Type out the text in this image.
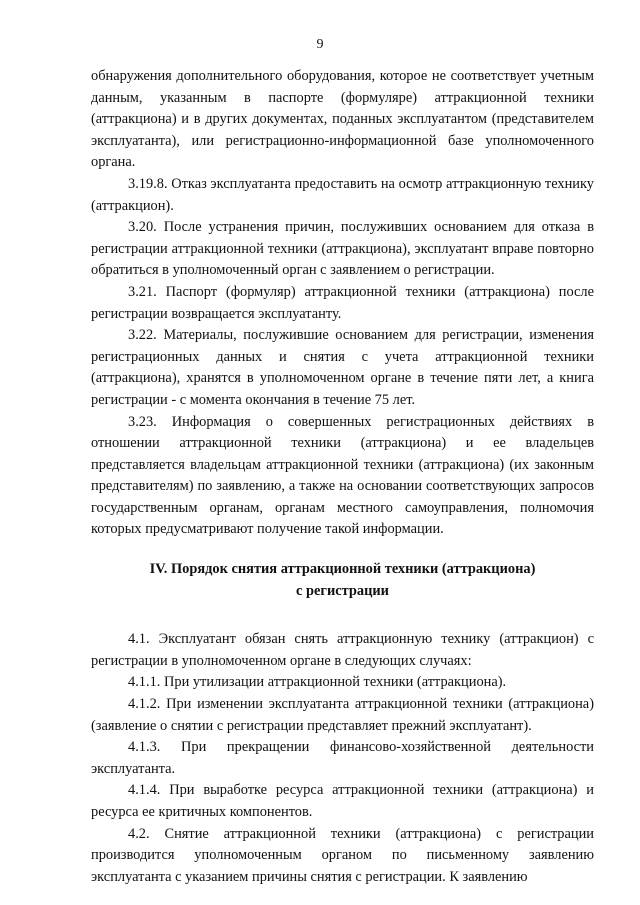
9

обнаружения дополнительного оборудования, которое не соответствует учетным данным, указанным в паспорте (формуляре) аттракционной техники (аттракциона) и в других документах, поданных эксплуатантом (представителем эксплуатанта), или регистрационно-информационной базе уполномоченного органа.

3.19.8. Отказ эксплуатанта предоставить на осмотр аттракционную технику (аттракцион).

3.20. После устранения причин, послуживших основанием для отказа в регистрации аттракционной техники (аттракциона), эксплуатант вправе повторно обратиться в уполномоченный орган с заявлением о регистрации.

3.21. Паспорт (формуляр) аттракционной техники (аттракциона) после регистрации возвращается эксплуатанту.

3.22. Материалы, послужившие основанием для регистрации, изменения регистрационных данных и снятия с учета аттракционной техники (аттракциона), хранятся в уполномоченном органе в течение пяти лет, а книга регистрации - с момента окончания в течение 75 лет.

3.23. Информация о совершенных регистрационных действиях в отношении аттракционной техники (аттракциона) и ее владельцев представляется владельцам аттракционной техники (аттракциона) (их законным представителям) по заявлению, а также на основании соответствующих запросов государственным органам, органам местного самоуправления, полномочия которых предусматривают получение такой информации.

IV. Порядок снятия аттракционной техники (аттракциона)
с регистрации

4.1. Эксплуатант обязан снять аттракционную технику (аттракцион) с регистрации в уполномоченном органе в следующих случаях:

4.1.1. При утилизации аттракционной техники (аттракциона).

4.1.2. При изменении эксплуатанта аттракционной техники (аттракциона) (заявление о снятии с регистрации представляет прежний эксплуатант).

4.1.3. При прекращении финансово-хозяйственной деятельности эксплуатанта.

4.1.4. При выработке ресурса аттракционной техники (аттракциона) и ресурса ее критичных компонентов.

4.2. Снятие аттракционной техники (аттракциона) с регистрации производится уполномоченным органом по письменному заявлению эксплуатанта с указанием причины снятия с регистрации. К заявлению
